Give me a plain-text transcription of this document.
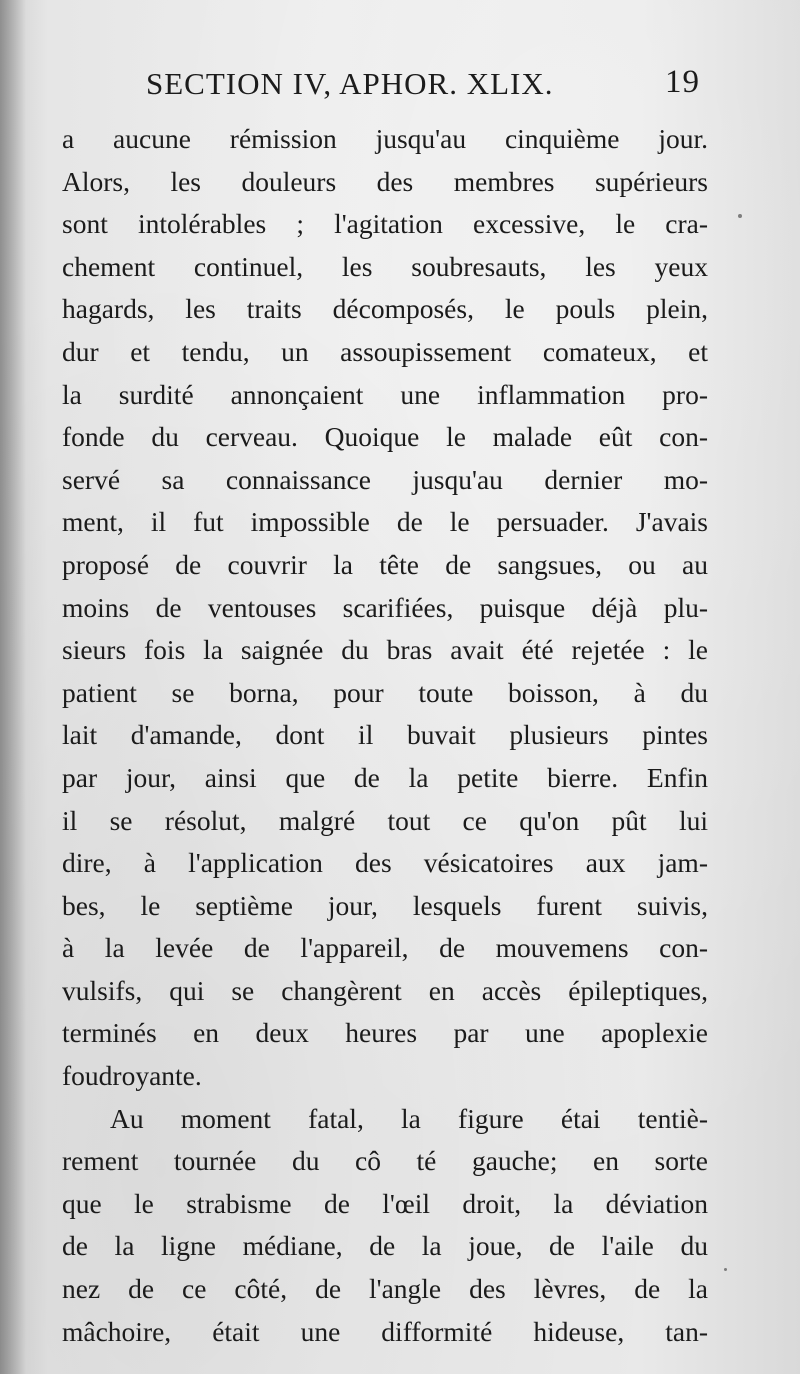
SECTION IV, APHOR. XLIX.	19
a aucune rémission jusqu'au cinquième jour.
Alors, les douleurs des membres supérieurs
sont intolérables ; l'agitation excessive, le cra-
chement continuel, les soubresauts, les yeux
hagards, les traits décomposés, le pouls plein,
dur et tendu, un assoupissement comateux, et
la surdité annonçaient une inflammation pro-
fonde du cerveau. Quoique le malade eût con-
servé sa connaissance jusqu'au dernier mo-
ment, il fut impossible de le persuader. J'avais
proposé de couvrir la tête de sangsues, ou au
moins de ventouses scarifiées, puisque déjà plu-
sieurs fois la saignée du bras avait été rejetée : le
patient se borna, pour toute boisson, à du
lait d'amande, dont il buvait plusieurs pintes
par jour, ainsi que de la petite bierre. Enfin
il se résolut, malgré tout ce qu'on pût lui
dire, à l'application des vésicatoires aux jam-
bes, le septième jour, lesquels furent suivis,
à la levée de l'appareil, de mouvemens con-
vulsifs, qui se changèrent en accès épileptiques,
terminés en deux heures par une apoplexie
foudroyante.
Au moment fatal, la figure étai tentiè-
rement tournée du cô té gauche; en sorte
que le strabisme de l'œil droit, la déviation
de la ligne médiane, de la joue, de l'aile du
nez de ce côté, de l'angle des lèvres, de la
mâchoire, était une difformité hideuse, tan-
